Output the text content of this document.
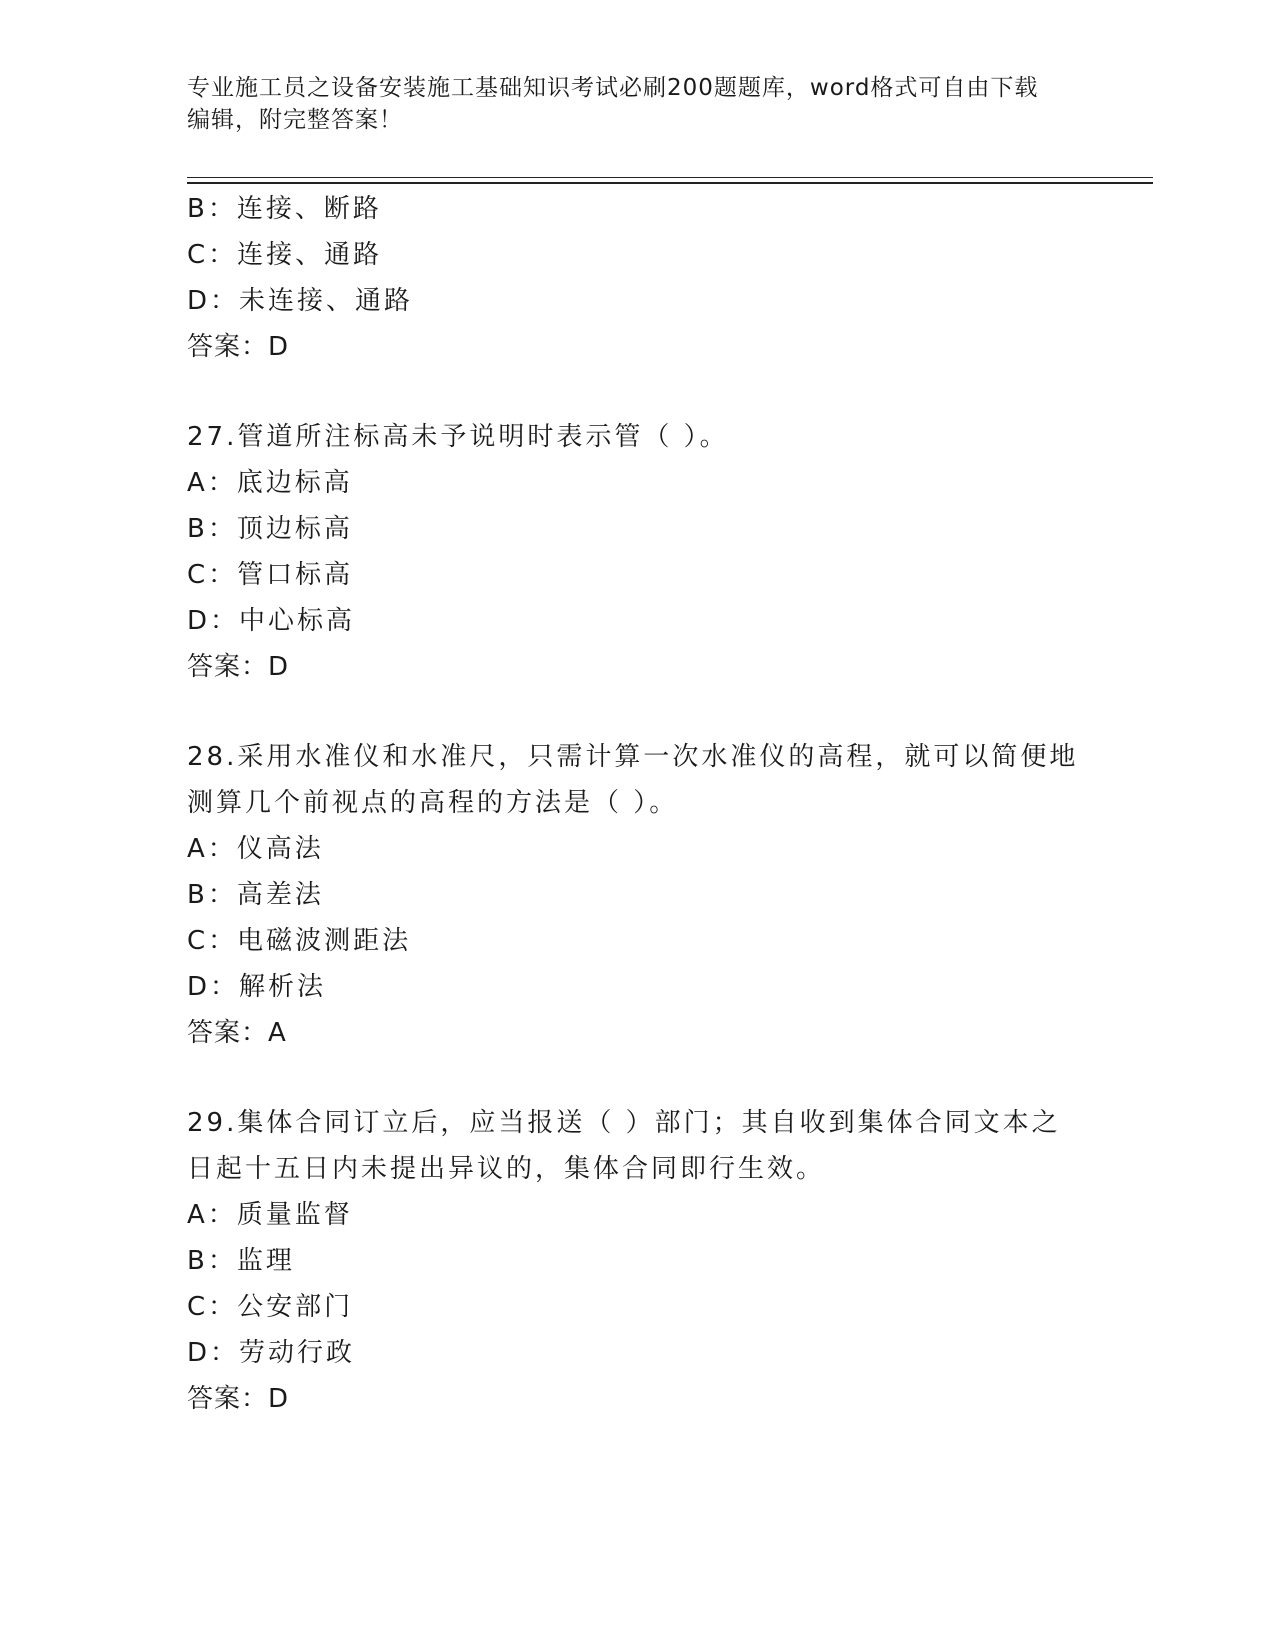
专业施工员之设备安装施工基础知识考试必刷200题题库，word格式可自由下载
编辑，附完整答案！
B：连接、断路
C：连接、通路
D：未连接、通路
答案：D
27.管道所注标高未予说明时表示管（ ）。
A：底边标高
B：顶边标高
C：管口标高
D：中心标高
答案：D
28.采用水准仪和水准尺，只需计算一次水准仪的高程，就可以简便地
测算几个前视点的高程的方法是（ ）。
A：仪高法
B：高差法
C：电磁波测距法
D：解析法
答案：A
29.集体合同订立后，应当报送（ ）部门；其自收到集体合同文本之
日起十五日内未提出异议的，集体合同即行生效。
A：质量监督
B：监理
C：公安部门
D：劳动行政
答案：D
